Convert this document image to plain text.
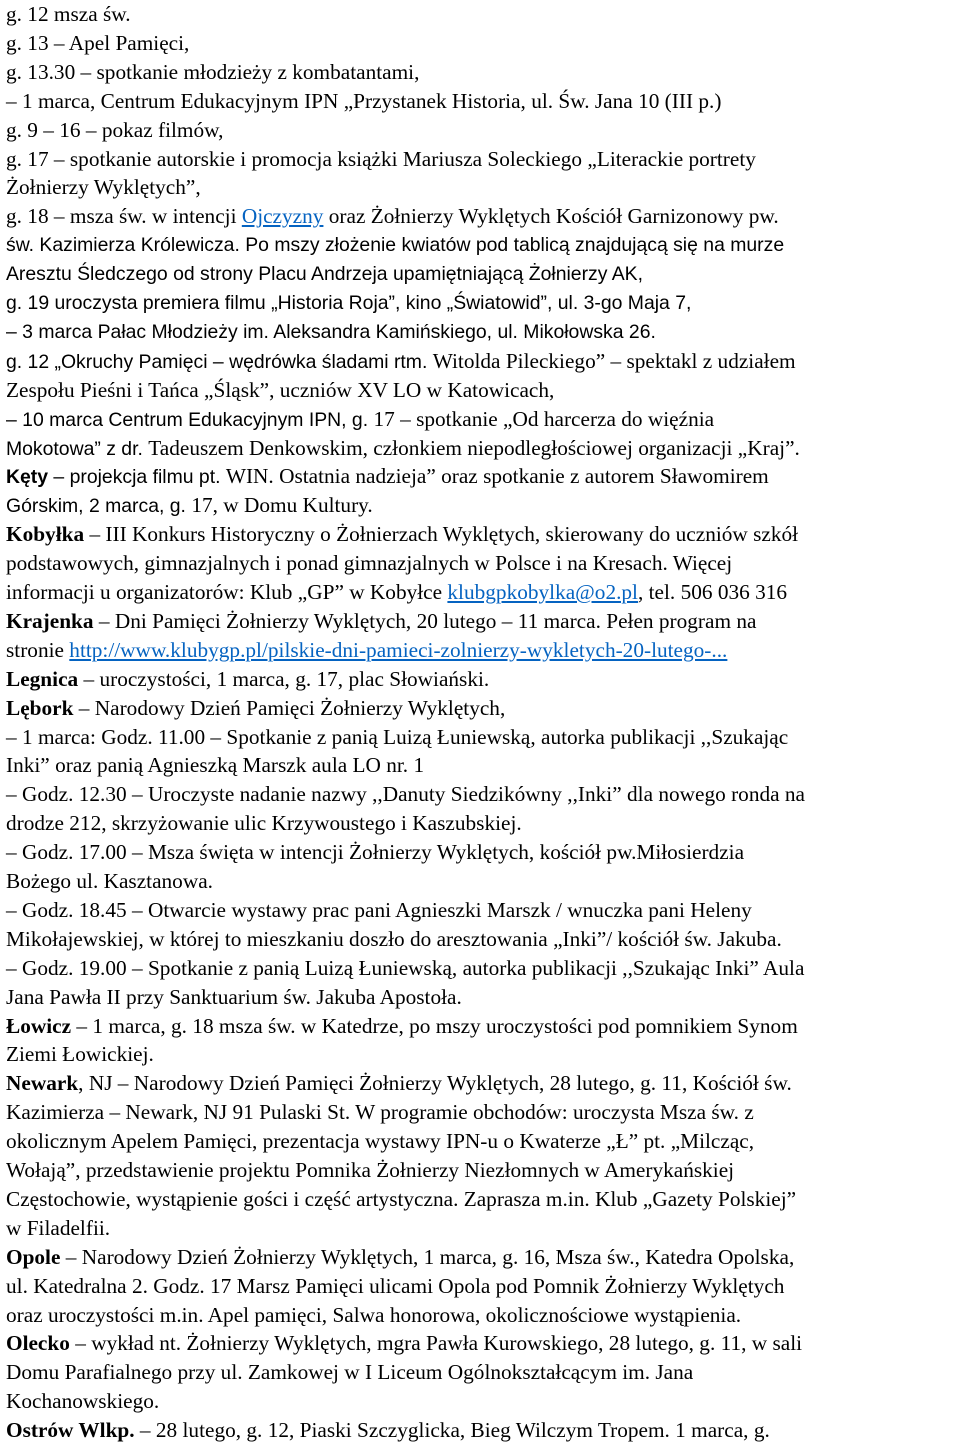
g. 12 msza św.

g. 13 – Apel Pamięci,

g. 13.30 – spotkanie młodzieży z kombatantami,

– 1 marca, Centrum Edukacyjnym IPN „Przystanek Historia, ul. Św. Jana 10 (III p.)

g. 9 – 16 – pokaz filmów,

g. 17 – spotkanie autorskie i promocja książki Mariusza Soleckiego „Literackie portrety

Żołnierzy Wyklętych”,

g. 18 – msza św. w intencji Ojczyzny oraz Żołnierzy Wyklętych Kościół Garnizonowy pw.

św. Kazimierza Królewicza. Po mszy złożenie kwiatów pod tablicą znajdującą się na murze

Aresztu Śledczego od strony Placu Andrzeja upamiętniającą Żołnierzy AK,

g. 19 uroczysta premiera filmu „Historia Roja”, kino „Światowid”, ul. 3-go Maja 7,

– 3 marca Pałac Młodzieży im. Aleksandra Kamińskiego, ul. Mikołowska 26.

g. 12 „Okruchy Pamięci – wędrówka śladami rtm. Witolda Pileckiego” – spektakl z udziałem

Zespołu Pieśni i Tańca „Śląsk”, uczniów XV LO w Katowicach,

– 10 marca Centrum Edukacyjnym IPN, g. 17 – spotkanie „Od harcerza do więźnia

Mokotowa” z dr. Tadeuszem Denkowskim, członkiem niepodległościowej organizacji „Kraj”.

Kęty – projekcja filmu pt. WIN. Ostatnia nadzieja” oraz spotkanie z autorem Sławomirem

Górskim, 2 marca, g. 17, w Domu Kultury.

Kobyłka – III Konkurs Historyczny o Żołnierzach Wyklętych, skierowany do uczniów szkół

podstawowych, gimnazjalnych i ponad gimnazjalnych w Polsce i na Kresach. Więcej

informacji u organizatorów: Klub „GP” w Kobyłce klubgpkobylka@o2.pl, tel. 506 036 316

Krajenka – Dni Pamięci Żołnierzy Wyklętych, 20 lutego – 11 marca. Pełen program na

stronie http://www.klubygp.pl/pilskie-dni-pamieci-zolnierzy-wykletych-20-lutego-...

Legnica – uroczystości, 1 marca, g. 17, plac Słowiański.

Lębork – Narodowy Dzień Pamięci Żołnierzy Wyklętych,

– 1 marca: Godz. 11.00 – Spotkanie z panią Luizą Łuniewską, autorka publikacji ,,Szukając

Inki” oraz panią Agnieszką Marszk aula LO nr. 1

– Godz. 12.30 – Uroczyste nadanie nazwy ,,Danuty Siedzikówny ,,Inki” dla nowego ronda na

drodze 212, skrzyżowanie ulic Krzywoustego i Kaszubskiej.

– Godz. 17.00 – Msza święta w intencji Żołnierzy Wyklętych, kościół pw.Miłosierdzia

Bożego ul. Kasztanowa.

– Godz. 18.45 – Otwarcie wystawy prac pani Agnieszki Marszk / wnuczka pani Heleny

Mikołajewskiej, w której to mieszkaniu doszło do aresztowania „Inki”/ kościół św. Jakuba.

– Godz. 19.00 – Spotkanie z panią Luizą Łuniewską, autorka publikacji ,,Szukając Inki” Aula

Jana Pawła II przy Sanktuarium św. Jakuba Apostoła.

Łowicz – 1 marca, g. 18 msza św. w Katedrze, po mszy uroczystości pod pomnikiem Synom

Ziemi Łowickiej.

Newark, NJ – Narodowy Dzień Pamięci Żołnierzy Wyklętych, 28 lutego, g. 11, Kościół św.

Kazimierza – Newark, NJ 91 Pulaski St. W programie obchodów: uroczysta Msza św. z

okolicznym Apelem Pamięci, prezentacja wystawy IPN-u o Kwaterze „Ł” pt. „Milcząc,

Wołają”, przedstawienie projektu Pomnika Żołnierzy Niezłomnych w Amerykańskiej

Częstochowie, wystąpienie gości i część artystyczna. Zaprasza m.in. Klub „Gazety Polskiej”

w Filadelfii.

Opole – Narodowy Dzień Żołnierzy Wyklętych, 1 marca, g. 16, Msza św., Katedra Opolska,

ul. Katedralna 2. Godz. 17 Marsz Pamięci ulicami Opola pod Pomnik Żołnierzy Wyklętych

oraz uroczystości m.in. Apel pamięci, Salwa honorowa, okolicznościowe wystąpienia.

Olecko – wykład nt. Żołnierzy Wyklętych, mgra Pawła Kurowskiego, 28 lutego, g. 11, w sali

Domu Parafialnego przy ul. Zamkowej w I Liceum Ogólnokształcącym im. Jana

Kochanowskiego.

Ostrów Wlkp. – 28 lutego, g. 12, Piaski Szczyglicka, Bieg Wilczym Tropem. 1 marca, g.
